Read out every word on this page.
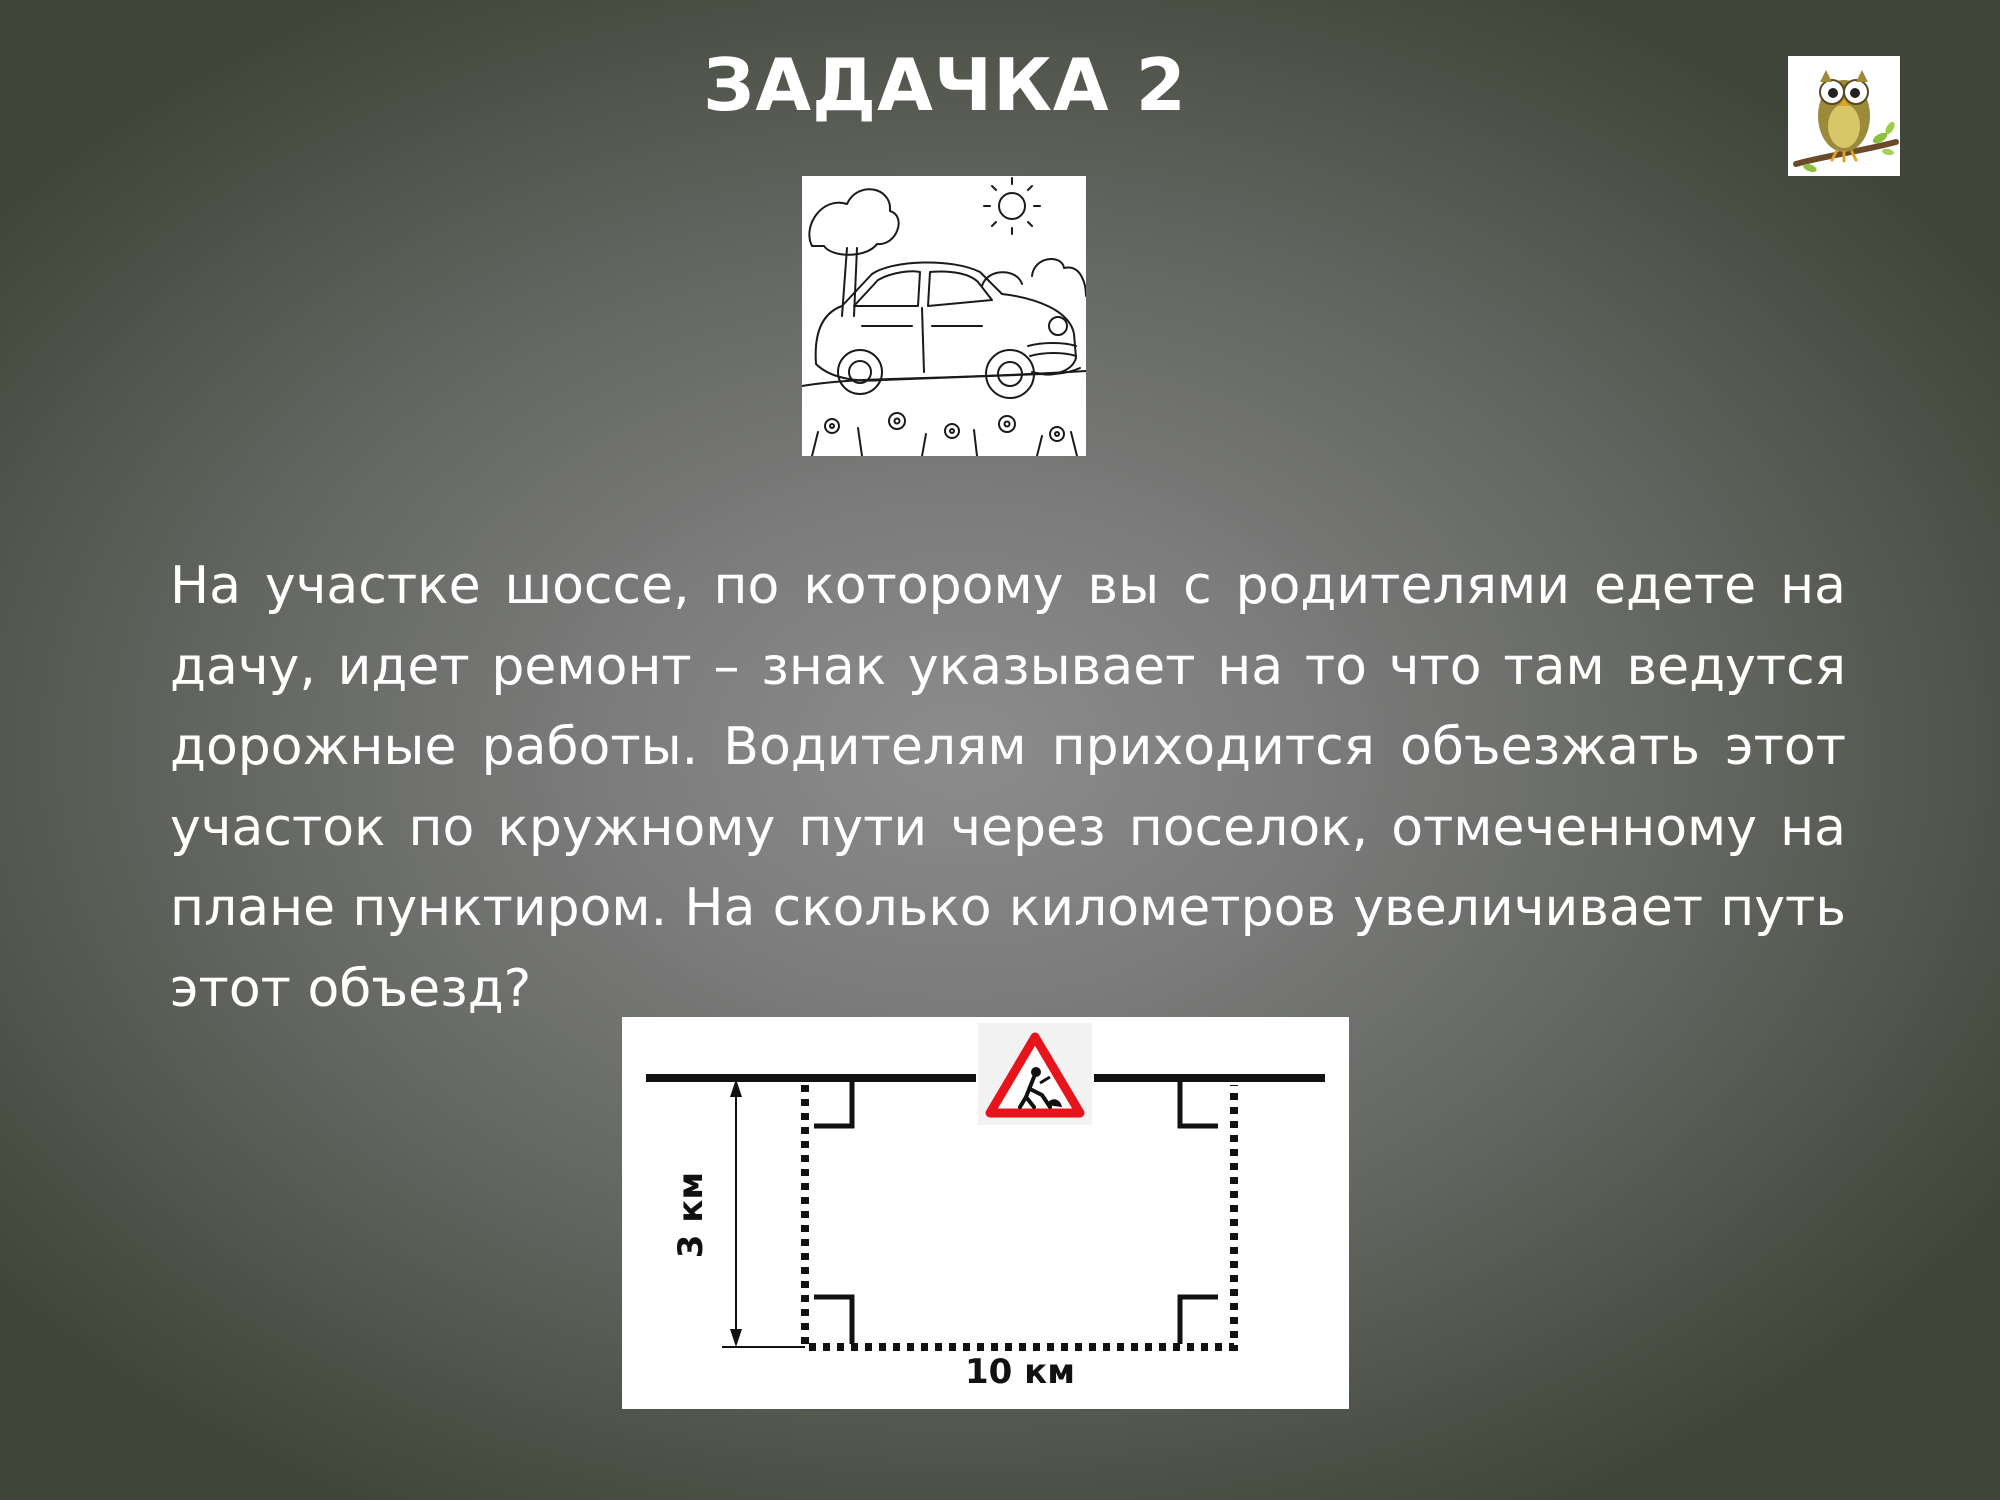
ЗАДАЧКА 2

На участке шоссе, по которому вы с родителями едете на дачу, идет ремонт – знак указывает на то что там ведутся дорожные работы. Водителям приходится объезжать этот участок по кружному пути через поселок, отмеченному на плане пунктиром. На сколько километров увеличивает путь этот объезд?

3 км
10 км
